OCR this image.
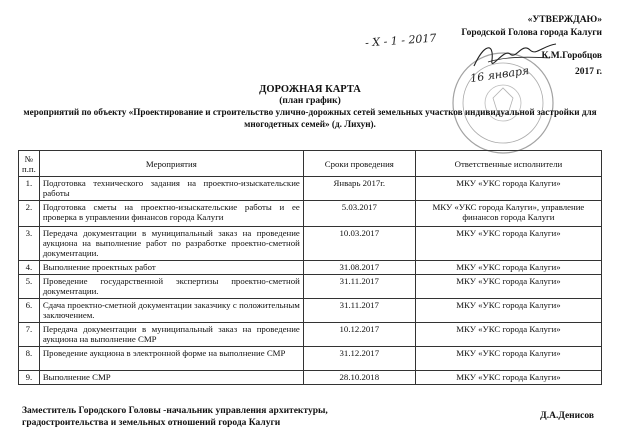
«УТВЕРЖДАЮ»
Городской Голова города Калуги
К.М.Горобцов
2017 г.
- Х - 1 - 2017
16 января
ДОРОЖНАЯ КАРТА
(план график)
мероприятий по объекту «Проектирование и строительство улично-дорожных сетей земельных участков индивидуальной застройки для многодетных семей» (д. Лихун).
№ п.п.	Мероприятия	Сроки проведения	Ответственные исполнители
1.	Подготовка технического задания на проектно-изыскательские работы	Январь 2017г.	МКУ «УКС города Калуги»
2.	Подготовка сметы на проектно-изыскательские работы и ее проверка в управлении финансов города Калуги	5.03.2017	МКУ «УКС города Калуги», управление финансов города Калуги
3.	Передача документации в муниципальный заказ на проведение аукциона на выполнение работ по разработке проектно-сметной документации.	10.03.2017	МКУ «УКС города Калуги»
4.	Выполнение проектных работ	31.08.2017	МКУ «УКС города Калуги»
5.	Проведение государственной экспертизы проектно-сметной документации.	31.11.2017	МКУ «УКС города Калуги»
6.	Сдача проектно-сметной документации заказчику с положительным заключением.	31.11.2017	МКУ «УКС города Калуги»
7.	Передача документации в муниципальный заказ на проведение аукциона на выполнение СМР	10.12.2017	МКУ «УКС города Калуги»
8.	Проведение аукциона в электронной форме на выполнение СМР	31.12.2017	МКУ «УКС города Калуги»
9.	Выполнение СМР	28.10.2018	МКУ «УКС города Калуги»
Заместитель Городского Головы -начальник управления архитектуры,
градостроительства и земельных отношений города Калуги
Д.А.Денисов
